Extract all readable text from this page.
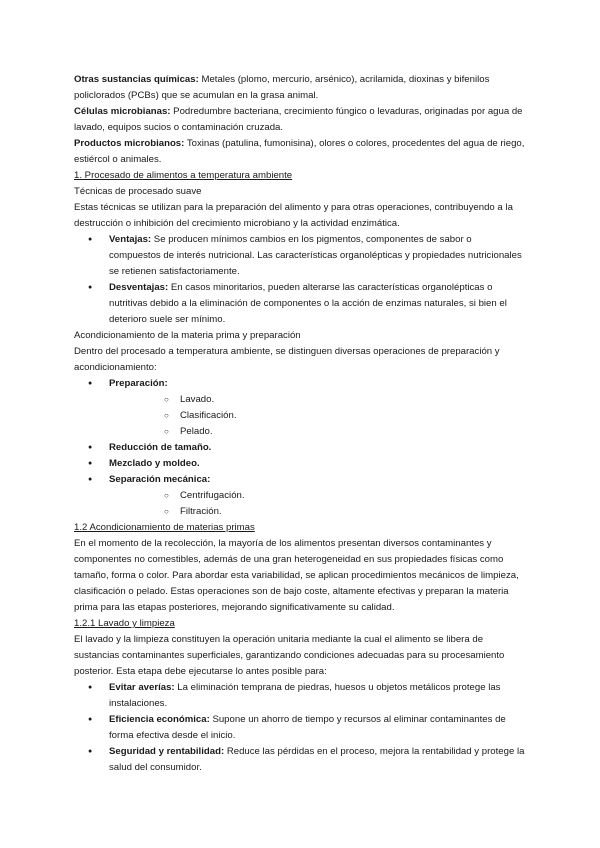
Otras sustancias químicas: Metales (plomo, mercurio, arsénico), acrilamida, dioxinas y bifenilos policlorados (PCBs) que se acumulan en la grasa animal.

Células microbianas: Podredumbre bacteriana, crecimiento fúngico o levaduras, originadas por agua de lavado, equipos sucios o contaminación cruzada.

Productos microbianos: Toxinas (patulina, fumonisina), olores o colores, procedentes del agua de riego, estiércol o animales.

1. Procesado de alimentos a temperatura ambiente

Técnicas de procesado suave

Estas técnicas se utilizan para la preparación del alimento y para otras operaciones, contribuyendo a la destrucción o inhibición del crecimiento microbiano y la actividad enzimática.

● Ventajas: Se producen mínimos cambios en los pigmentos, componentes de sabor o compuestos de interés nutricional. Las características organolépticas y propiedades nutricionales se retienen satisfactoriamente.
● Desventajas: En casos minoritarios, pueden alterarse las características organolépticas o nutritivas debido a la eliminación de componentes o la acción de enzimas naturales, si bien el deterioro suele ser mínimo.

Acondicionamiento de la materia prima y preparación

Dentro del procesado a temperatura ambiente, se distinguen diversas operaciones de preparación y acondicionamiento:

● Preparación:
○ Lavado.
○ Clasificación.
○ Pelado.
● Reducción de tamaño.
● Mezclado y moldeo.
● Separación mecánica:
○ Centrifugación.
○ Filtración.

1.2 Acondicionamiento de materias primas

En el momento de la recolección, la mayoría de los alimentos presentan diversos contaminantes y componentes no comestibles, además de una gran heterogeneidad en sus propiedades físicas como tamaño, forma o color. Para abordar esta variabilidad, se aplican procedimientos mecánicos de limpieza, clasificación o pelado. Estas operaciones son de bajo coste, altamente efectivas y preparan la materia prima para las etapas posteriores, mejorando significativamente su calidad.

1.2.1 Lavado y limpieza

El lavado y la limpieza constituyen la operación unitaria mediante la cual el alimento se libera de sustancias contaminantes superficiales, garantizando condiciones adecuadas para su procesamiento posterior. Esta etapa debe ejecutarse lo antes posible para:

● Evitar averías: La eliminación temprana de piedras, huesos u objetos metálicos protege las instalaciones.
● Eficiencia económica: Supone un ahorro de tiempo y recursos al eliminar contaminantes de forma efectiva desde el inicio.
● Seguridad y rentabilidad: Reduce las pérdidas en el proceso, mejora la rentabilidad y protege la salud del consumidor.
